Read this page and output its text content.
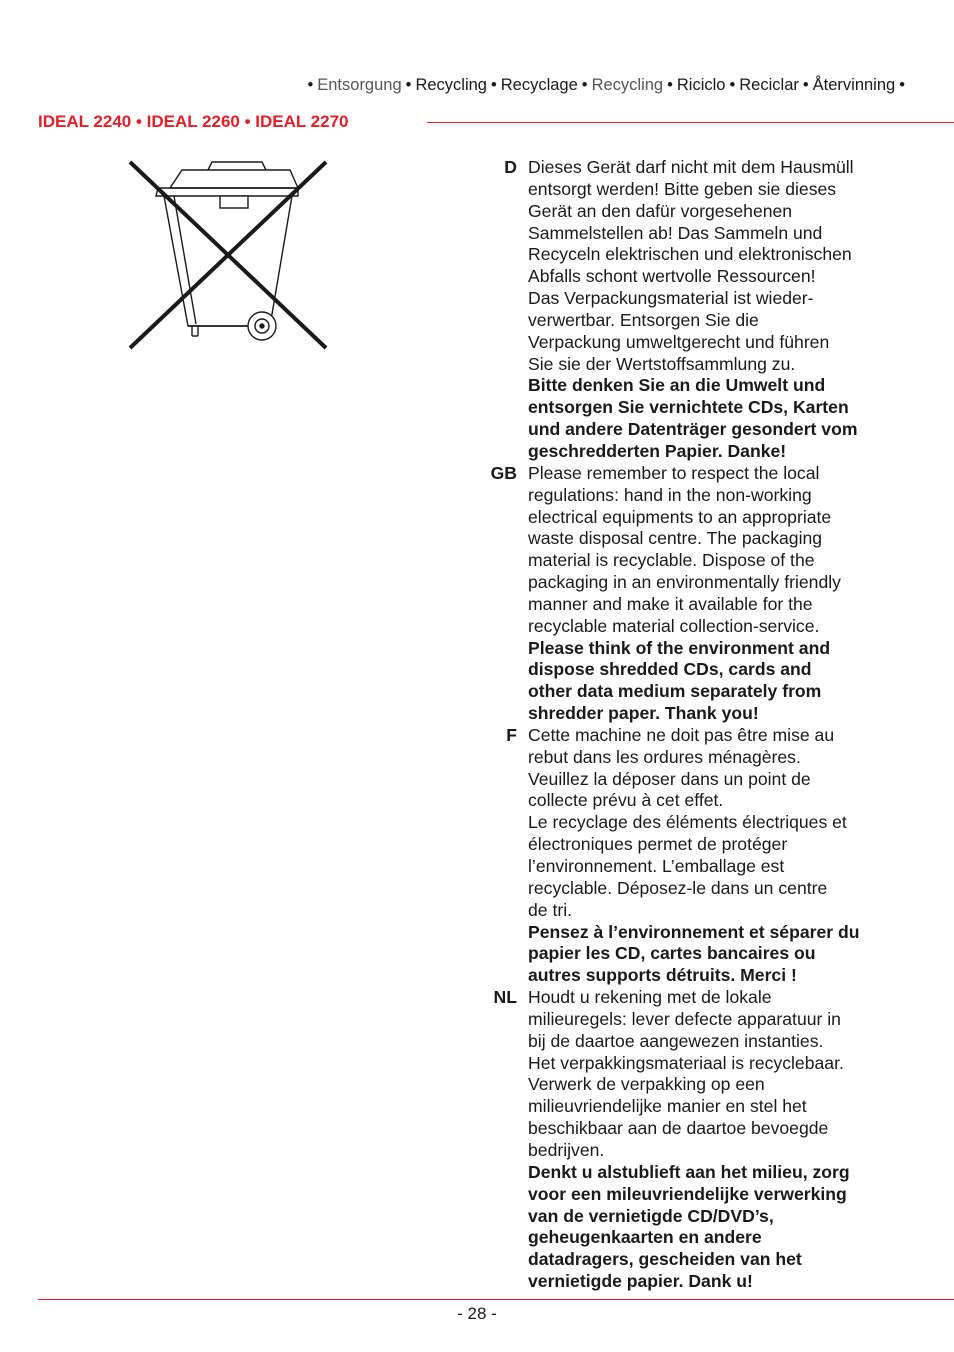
• Entsorgung • Recycling • Recyclage • Recycling • Riciclo • Reciclar • Återvinning •
IDEAL 2240 • IDEAL 2260 • IDEAL 2270
D Dieses Gerät darf nicht mit dem Hausmüll
entsorgt werden! Bitte geben sie dieses
Gerät an den dafür vorgesehenen
Sammelstellen ab! Das Sammeln und
Recyceln elektrischen und elektronischen
Abfalls schont wertvolle Ressourcen!
Das Verpackungsmaterial ist wieder-
verwertbar. Entsorgen Sie die
Verpackung umweltgerecht und führen
Sie sie der Wertstoffsammlung zu.

Bitte denken Sie an die Umwelt und
entsorgen Sie vernichtete CDs, Karten
und andere Datenträger gesondert vom
geschredderten Papier. Danke!

GB Please remember to respect the local
regulations: hand in the non-working
electrical equipments to an appropriate
waste disposal centre. The packaging
material is recyclable. Dispose of the
packaging in an environmentally friendly
manner and make it available for the
recyclable material collection-service.

Please think of the environment and
dispose shredded CDs, cards and
other data medium separately from
shredder paper. Thank you!

F Cette machine ne doit pas être mise au
rebut dans les ordures ménagères.
Veuillez la déposer dans un point de
collecte prévu à cet effet.
Le recyclage des éléments électriques et
électroniques permet de protéger
l’environnement. L’emballage est
recyclable. Déposez-le dans un centre
de tri.

Pensez à l’environnement et séparer du
papier les CD, cartes bancaires ou
autres supports détruits. Merci !

NL Houdt u rekening met de lokale
milieuregels: lever defecte apparatuur in
bij de daartoe aangewezen instanties.
Het verpakkingsmateriaal is recyclebaar.
Verwerk de verpakking op een
milieuvriendelijke manier en stel het
beschikbaar aan de daartoe bevoegde
bedrijven.

Denkt u alstublieft aan het milieu, zorg
voor een mileuvriendelijke verwerking
van de vernietigde CD/DVD’s,
geheugenkaarten en andere
datadragers, gescheiden van het
vernietigde papier. Dank u!

- 28 -
